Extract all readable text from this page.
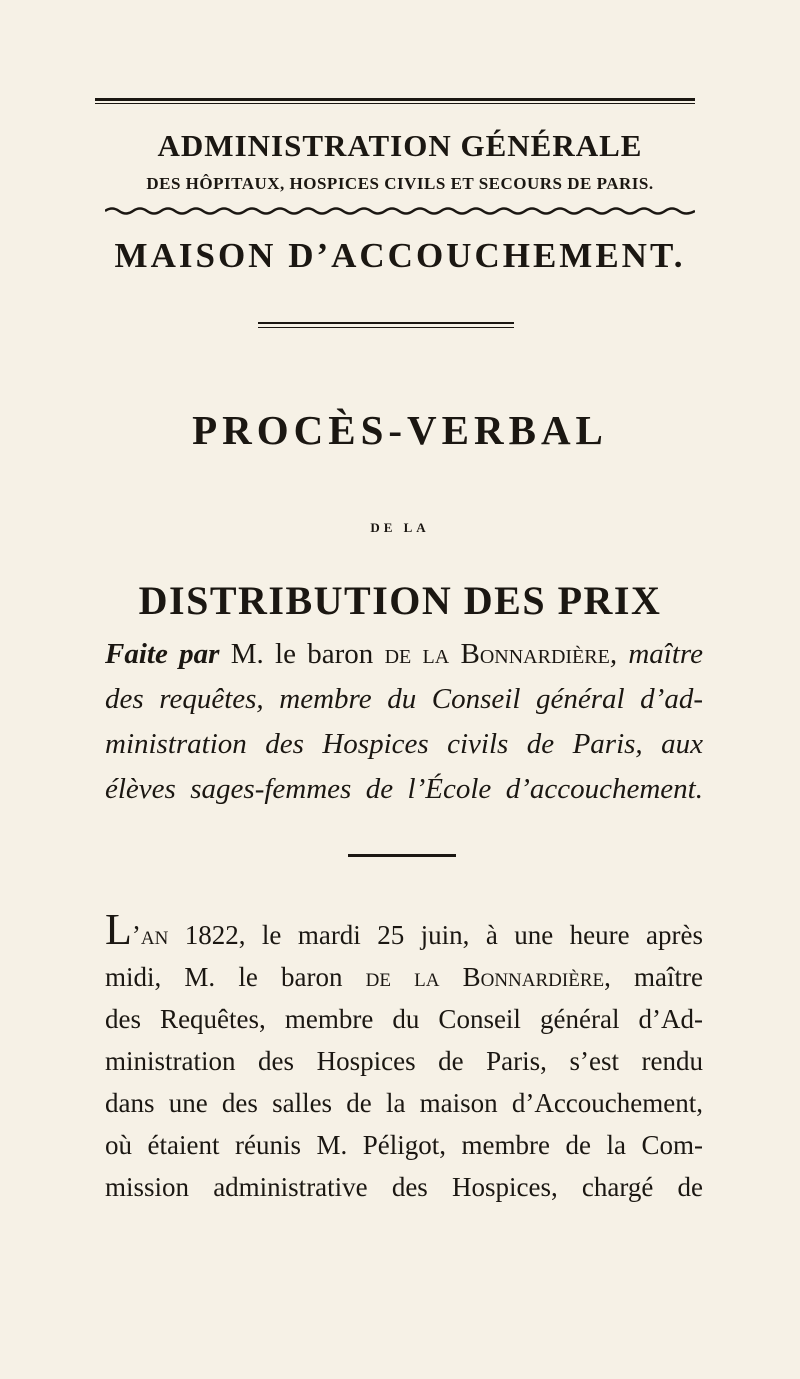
ADMINISTRATION GÉNÉRALE
DES HÔPITAUX, HOSPICES CIVILS ET SECOURS DE PARIS.
MAISON D’ACCOUCHEMENT.
PROCÈS-VERBAL
DE LA
DISTRIBUTION DES PRIX
Faite par M. le baron de la Bonnardière, maître
des requêtes, membre du Conseil général d’ad-
ministration des Hospices civils de Paris, aux
élèves sages-femmes de l’École d’accouchement.
L’an 1822, le mardi 25 juin, à une heure après
midi, M. le baron de la Bonnardière, maître
des Requêtes, membre du Conseil général d’Ad-
ministration des Hospices de Paris, s’est rendu
dans une des salles de la maison d’Accouchement,
où étaient réunis M. Péligot, membre de la Com-
mission administrative des Hospices, chargé de
